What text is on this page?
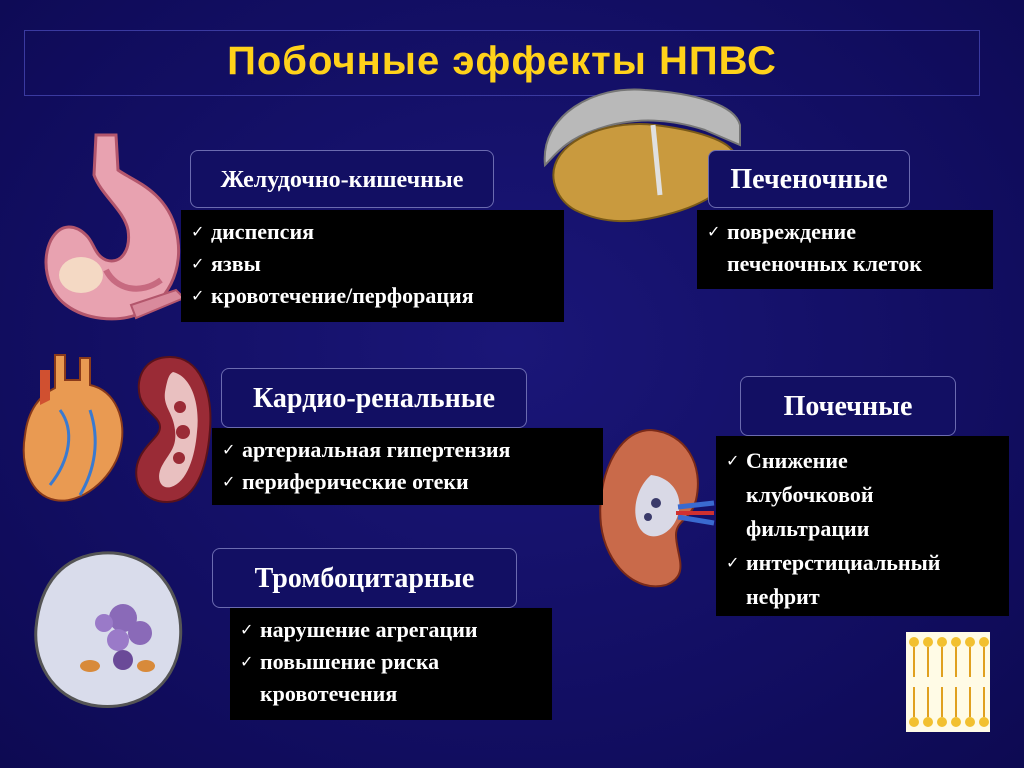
Побочные эффекты НПВС
Желудочно-кишечные
✓ диспепсия
✓ язвы
✓ кровотечение/перфорация
Печеночные
✓ повреждение
печеночных клеток
Кардио-ренальные
✓ артериальная гипертензия
✓ периферические отеки
Почечные
✓ Снижение
клубочковой
фильтрации
✓ интерстициальный
нефрит
Тромбоцитарные
✓ нарушение агрегации
✓ повышение риска
кровотечения
